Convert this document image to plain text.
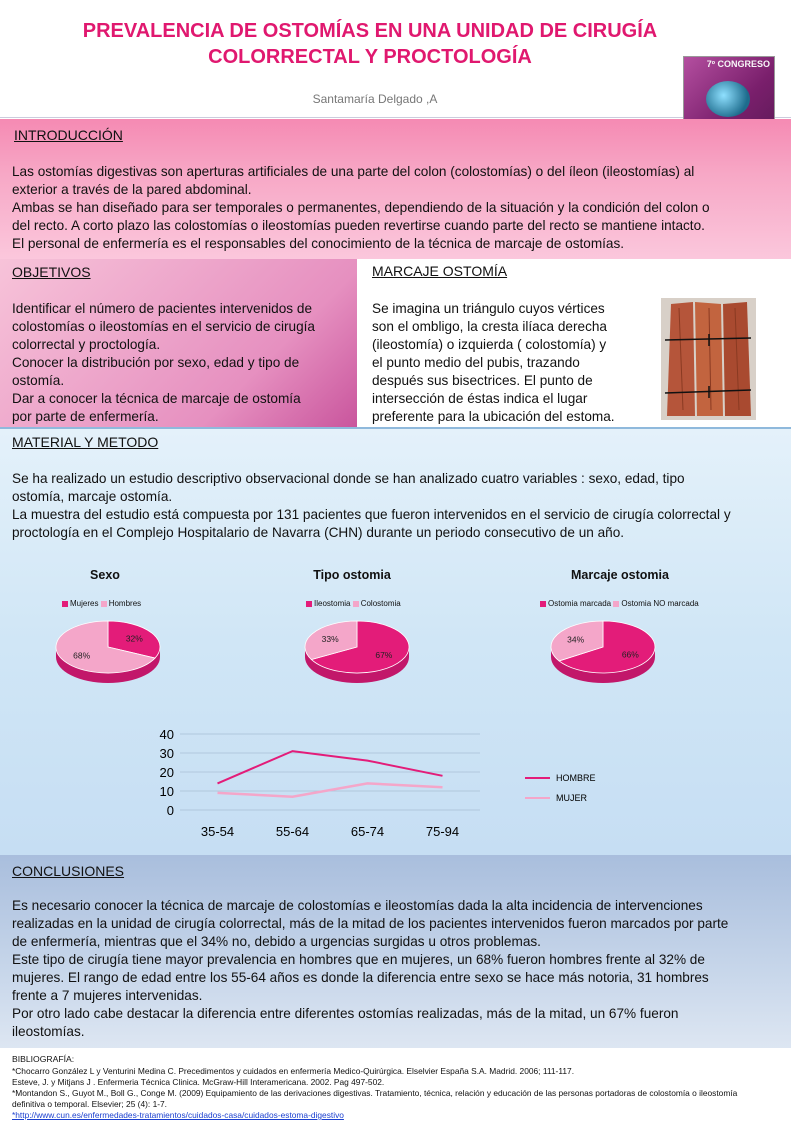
PREVALENCIA DE OSTOMÍAS EN UNA UNIDAD DE CIRUGÍA
COLORRECTAL Y PROCTOLOGÍA
Santamaría Delgado ,A
7º CONGRESO
INTRODUCCIÓN
Las ostomías digestivas son aperturas artificiales de una parte del colon (colostomías) o del íleon (ileostomías) al
exterior a través de la pared abdominal.
Ambas se han diseñado para ser temporales o permanentes, dependiendo de la situación y la condición del colon o
del recto. A corto plazo las colostomías o ileostomías pueden revertirse cuando parte del recto se mantiene intacto.
El personal de enfermería es el responsables del conocimiento de la técnica de marcaje de ostomías.
OBJETIVOS
Identificar el número de pacientes intervenidos de
colostomías o ileostomías en el servicio de cirugía
colorrectal y proctología.
Conocer la distribución por sexo, edad y tipo de
ostomía.
Dar a conocer la técnica de marcaje de ostomía
por parte de enfermería.
MARCAJE OSTOMÍA
Se imagina un triángulo cuyos vértices
son el ombligo, la cresta ilíaca derecha
(ileostomía) o izquierda ( colostomía) y
el punto medio del pubis, trazando
después sus bisectrices. El punto de
intersección de éstas indica el lugar
preferente para la ubicación del estoma.
MATERIAL Y METODO
Se ha realizado un estudio descriptivo observacional donde se han analizado cuatro variables : sexo, edad, tipo
ostomía, marcaje ostomía.
La muestra del estudio está compuesta por 131 pacientes que fueron intervenidos en el servicio de cirugía colorrectal y
proctología en el Complejo Hospitalario de Navarra (CHN) durante un periodo consecutivo de un año.
Sexo
Mujeres Hombres
32%
68%
Tipo ostomia
Ileostomia Colostomia
67%
33%
Marcaje ostomia
Ostomia marcada Ostomia NO marcada
66%
34%
0
10
20
30
40
35-54	55-64	65-74	75-94
HOMBRE
MUJER
CONCLUSIONES
Es necesario conocer la técnica de marcaje de colostomías e ileostomías dada la alta incidencia de intervenciones
realizadas en la unidad de cirugía colorrectal, más de la mitad de los pacientes intervenidos fueron marcados por parte
de enfermería, mientras que el 34% no, debido a urgencias surgidas u otros problemas.
Este tipo de cirugía tiene mayor prevalencia en hombres que en mujeres, un 68% fueron hombres frente al 32% de
mujeres. El rango de edad entre los 55-64 años es donde la diferencia entre sexo se hace más notoria, 31 hombres
frente a 7 mujeres intervenidas.
Por otro lado cabe destacar la diferencia entre diferentes ostomías realizadas, más de la mitad, un 67% fueron
ileostomías.
BIBLIOGRAFÍA:
*Chocarro González L y Venturini Medina C. Precedimentos y cuidados en enfermería Medico-Quirúrgica. Elselvier España S.A. Madrid. 2006; 111-117.
Esteve, J. y Mitjans J . Enfermeria Técnica Clinica. McGraw-Hill Interamericana. 2002. Pag 497-502.
*Montandon S., Guyot M., Boll G., Conge M. (2009) Equipamiento de las derivaciones digestivas. Tratamiento, técnica, relación y educación de las personas portadoras de colostomía o ileostomía
definitiva o temporal. Elsevier; 25 (4): 1-7.
*http://www.cun.es/enfermedades-tratamientos/cuidados-casa/cuidados-estoma-digestivo
